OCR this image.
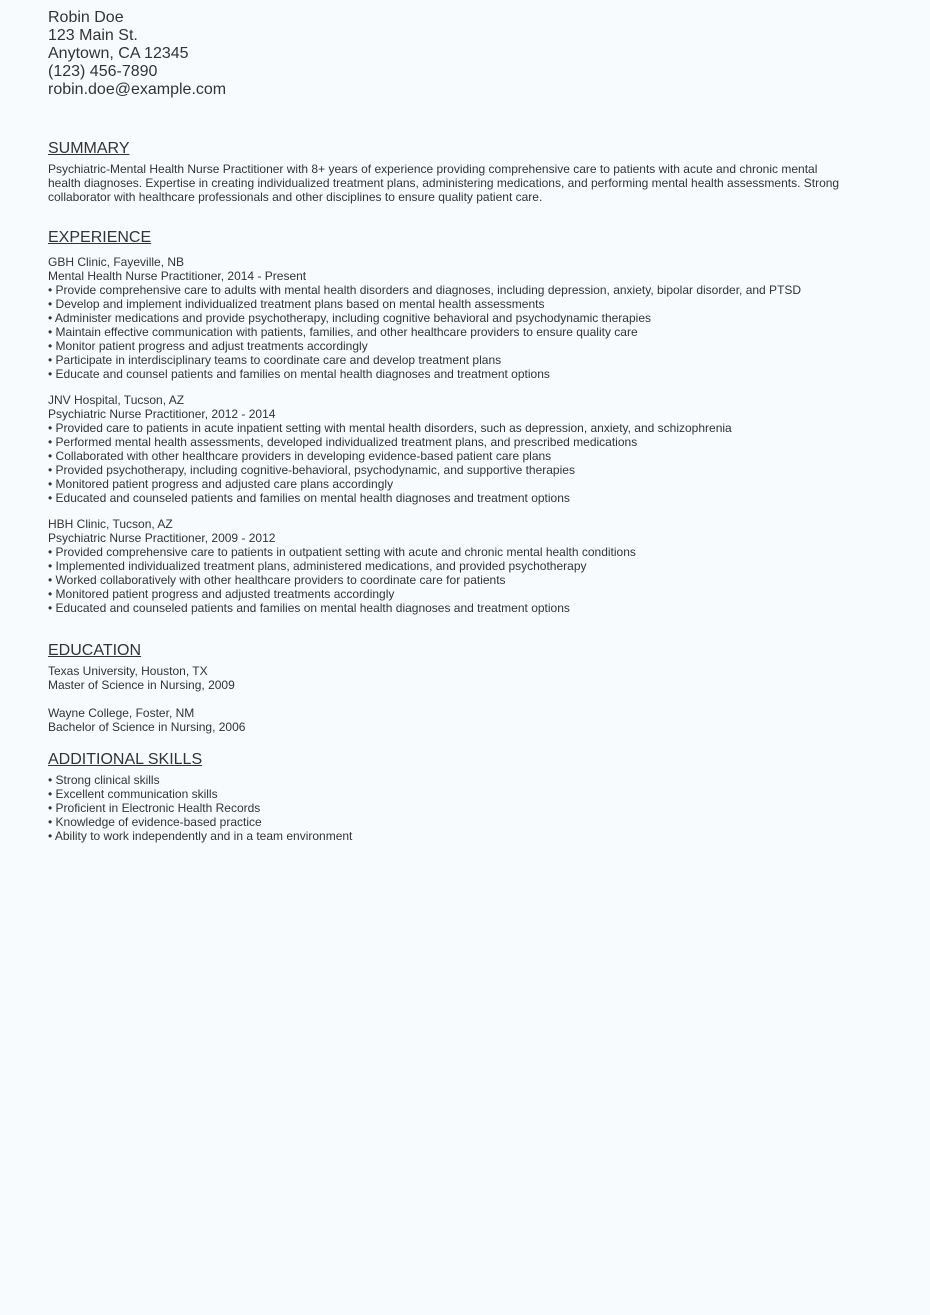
Robin Doe
123 Main St.
Anytown, CA 12345
(123) 456-7890
robin.doe@example.com
SUMMARY
Psychiatric-Mental Health Nurse Practitioner with 8+ years of experience providing comprehensive care to patients with acute and chronic mental health diagnoses. Expertise in creating individualized treatment plans, administering medications, and performing mental health assessments. Strong collaborator with healthcare professionals and other disciplines to ensure quality patient care.
EXPERIENCE
GBH Clinic, Fayeville, NB
Mental Health Nurse Practitioner, 2014 - Present
• Provide comprehensive care to adults with mental health disorders and diagnoses, including depression, anxiety, bipolar disorder, and PTSD
• Develop and implement individualized treatment plans based on mental health assessments
• Administer medications and provide psychotherapy, including cognitive behavioral and psychodynamic therapies
• Maintain effective communication with patients, families, and other healthcare providers to ensure quality care
• Monitor patient progress and adjust treatments accordingly
• Participate in interdisciplinary teams to coordinate care and develop treatment plans
• Educate and counsel patients and families on mental health diagnoses and treatment options
JNV Hospital, Tucson, AZ
Psychiatric Nurse Practitioner, 2012 - 2014
• Provided care to patients in acute inpatient setting with mental health disorders, such as depression, anxiety, and schizophrenia
• Performed mental health assessments, developed individualized treatment plans, and prescribed medications
• Collaborated with other healthcare providers in developing evidence-based patient care plans
• Provided psychotherapy, including cognitive-behavioral, psychodynamic, and supportive therapies
• Monitored patient progress and adjusted care plans accordingly
• Educated and counseled patients and families on mental health diagnoses and treatment options
HBH Clinic, Tucson, AZ
Psychiatric Nurse Practitioner, 2009 - 2012
• Provided comprehensive care to patients in outpatient setting with acute and chronic mental health conditions
• Implemented individualized treatment plans, administered medications, and provided psychotherapy
• Worked collaboratively with other healthcare providers to coordinate care for patients
• Monitored patient progress and adjusted treatments accordingly
• Educated and counseled patients and families on mental health diagnoses and treatment options
EDUCATION
Texas University, Houston, TX
Master of Science in Nursing, 2009
Wayne College, Foster, NM
Bachelor of Science in Nursing, 2006
ADDITIONAL SKILLS
• Strong clinical skills
• Excellent communication skills
• Proficient in Electronic Health Records
• Knowledge of evidence-based practice
• Ability to work independently and in a team environment
